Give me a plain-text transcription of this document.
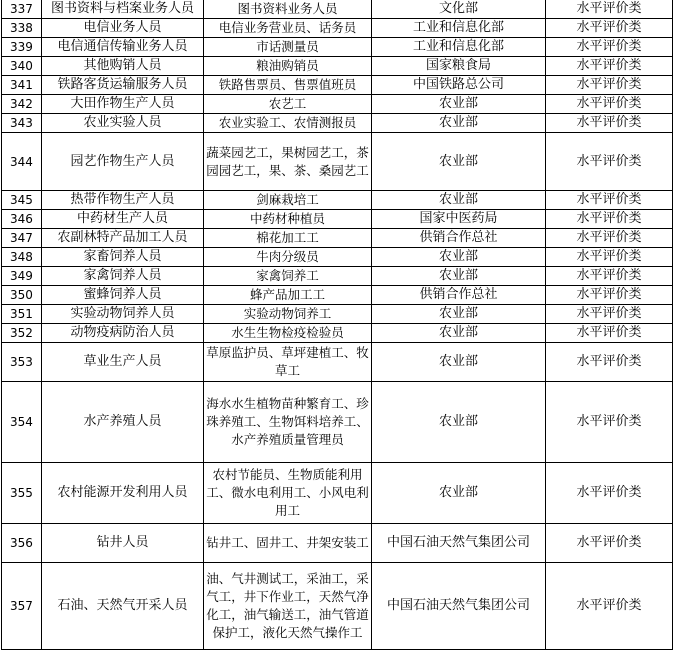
337	图书资料与档案业务人员	图书资料业务人员	文化部	水平评价类
338	电信业务人员	电信业务营业员、话务员	工业和信息化部	水平评价类
339	电信通信传输业务人员	市话测量员	工业和信息化部	水平评价类
340	其他购销人员	粮油购销员	国家粮食局	水平评价类
341	铁路客货运输服务人员	铁路售票员、售票值班员	中国铁路总公司	水平评价类
342	大田作物生产人员	农艺工	农业部	水平评价类
343	农业实验人员	农业实验工、农情测报员	农业部	水平评价类
344	园艺作物生产人员	蔬菜园艺工，果树园艺工，茶园园艺工，果、茶、桑园艺工	农业部	水平评价类
345	热带作物生产人员	剑麻栽培工	农业部	水平评价类
346	中药材生产人员	中药材种植员	国家中医药局	水平评价类
347	农副林特产品加工人员	棉花加工工	供销合作总社	水平评价类
348	家畜饲养人员	牛肉分级员	农业部	水平评价类
349	家禽饲养人员	家禽饲养工	农业部	水平评价类
350	蜜蜂饲养人员	蜂产品加工工	供销合作总社	水平评价类
351	实验动物饲养人员	实验动物饲养工	农业部	水平评价类
352	动物疫病防治人员	水生生物检疫检验员	农业部	水平评价类
353	草业生产人员	草原监护员、草坪建植工、牧草工	农业部	水平评价类
354	水产养殖人员	海水水生植物苗种繁育工、珍珠养殖工、生物饵料培养工、水产养殖质量管理员	农业部	水平评价类
355	农村能源开发利用人员	农村节能员、生物质能利用工、微水电利用工、小风电利用工	农业部	水平评价类
356	钻井人员	钻井工、固井工、井架安装工	中国石油天然气集团公司	水平评价类
357	石油、天然气开采人员	油、气井测试工，采油工，采气工，井下作业工，天然气净化工，油气输送工，油气管道保护工，液化天然气操作工	中国石油天然气集团公司	水平评价类
